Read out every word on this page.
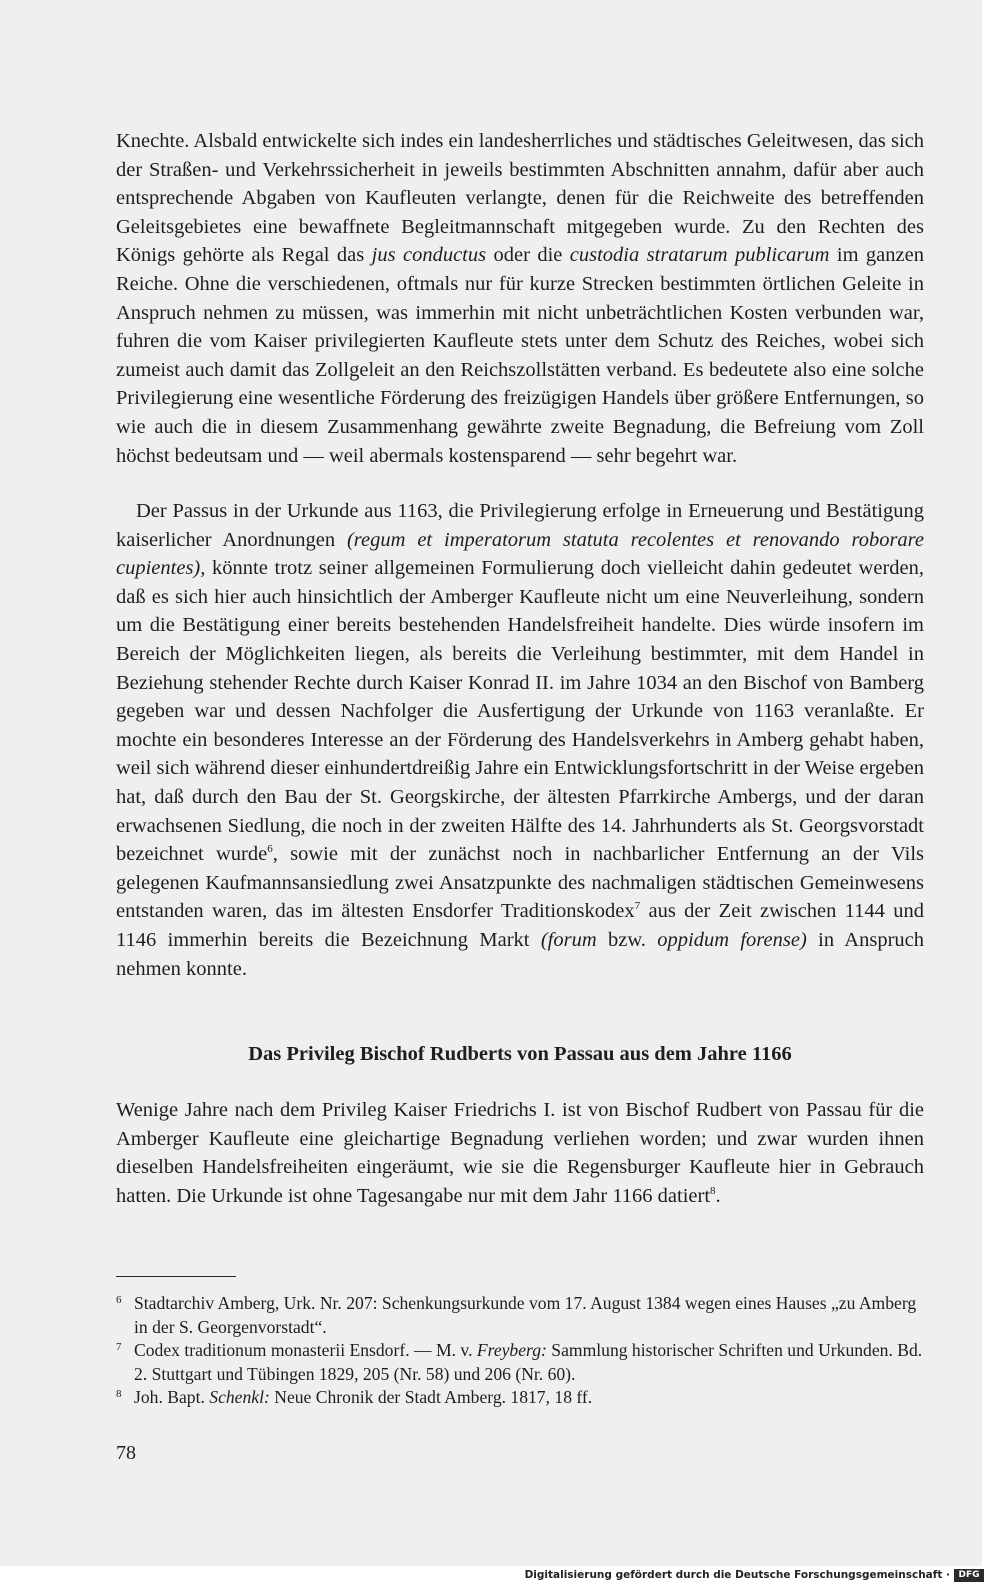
Knechte. Alsbald entwickelte sich indes ein landesherrliches und städtisches Geleitwesen, das sich der Straßen- und Verkehrssicherheit in jeweils bestimmten Abschnitten annahm, dafür aber auch entsprechende Abgaben von Kaufleuten verlangte, denen für die Reichweite des betreffenden Geleitsgebietes eine bewaffnete Begleitmannschaft mitgegeben wurde. Zu den Rechten des Königs gehörte als Regal das jus conductus oder die custodia stratarum publicarum im ganzen Reiche. Ohne die verschiedenen, oftmals nur für kurze Strecken bestimmten örtlichen Geleite in Anspruch nehmen zu müssen, was immerhin mit nicht unbeträchtlichen Kosten verbunden war, fuhren die vom Kaiser privilegierten Kaufleute stets unter dem Schutz des Reiches, wobei sich zumeist auch damit das Zollgeleit an den Reichszollstätten verband. Es bedeutete also eine solche Privilegierung eine wesentliche Förderung des freizügigen Handels über größere Entfernungen, so wie auch die in diesem Zusammenhang gewährte zweite Begnadung, die Befreiung vom Zoll höchst bedeutsam und — weil abermals kostensparend — sehr begehrt war.

Der Passus in der Urkunde aus 1163, die Privilegierung erfolge in Erneuerung und Bestätigung kaiserlicher Anordnungen (regum et imperatorum statuta recolentes et renovando roborare cupientes), könnte trotz seiner allgemeinen Formulierung doch vielleicht dahin gedeutet werden, daß es sich hier auch hinsichtlich der Amberger Kaufleute nicht um eine Neuverleihung, sondern um die Bestätigung einer bereits bestehenden Handelsfreiheit handelte. Dies würde insofern im Bereich der Möglichkeiten liegen, als bereits die Verleihung bestimmter, mit dem Handel in Beziehung stehender Rechte durch Kaiser Konrad II. im Jahre 1034 an den Bischof von Bamberg gegeben war und dessen Nachfolger die Ausfertigung der Urkunde von 1163 veranlaßte. Er mochte ein besonderes Interesse an der Förderung des Handelsverkehrs in Amberg gehabt haben, weil sich während dieser einhundertdreißig Jahre ein Entwicklungsfortschritt in der Weise ergeben hat, daß durch den Bau der St. Georgskirche, der ältesten Pfarrkirche Ambergs, und der daran erwachsenen Siedlung, die noch in der zweiten Hälfte des 14. Jahrhunderts als St. Georgsvorstadt bezeichnet wurde$^6$, sowie mit der zunächst noch in nachbarlicher Entfernung an der Vils gelegenen Kaufmannsansiedlung zwei Ansatzpunkte des nachmaligen städtischen Gemeinwesens entstanden waren, das im ältesten Ensdorfer Traditionskodex$^7$ aus der Zeit zwischen 1144 und 1146 immerhin bereits die Bezeichnung Markt (forum bzw. oppidum forense) in Anspruch nehmen konnte.

Das Privileg Bischof Rudberts von Passau aus dem Jahre 1166

Wenige Jahre nach dem Privileg Kaiser Friedrichs I. ist von Bischof Rudbert von Passau für die Amberger Kaufleute eine gleichartige Begnadung verliehen worden; und zwar wurden ihnen dieselben Handelsfreiheiten eingeräumt, wie sie die Regensburger Kaufleute hier in Gebrauch hatten. Die Urkunde ist ohne Tagesangabe nur mit dem Jahr 1166 datiert$^8$.

6 Stadtarchiv Amberg, Urk. Nr. 207: Schenkungsurkunde vom 17. August 1384 wegen eines Hauses „zu Amberg in der S. Georgenvorstadt“.

7 Codex traditionum monasterii Ensdorf. — M. v. Freyberg: Sammlung historischer Schriften und Urkunden. Bd. 2. Stuttgart und Tübingen 1829, 205 (Nr. 58) und 206 (Nr. 60).

8 Joh. Bapt. Schenkl: Neue Chronik der Stadt Amberg. 1817, 18 ff.

78
Digitalisierung gefördert durch die Deutsche Forschungsgemeinschaft · DFG
